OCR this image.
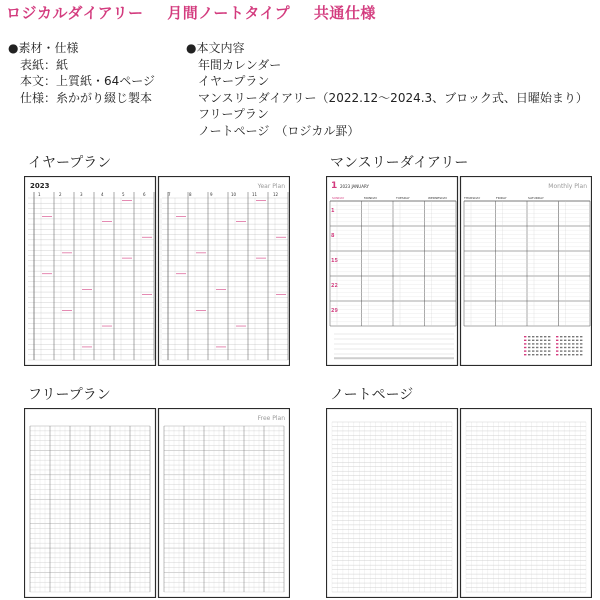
ロジカルダイアリー 月間ノートタイプ 共通仕様
●素材・仕様
表紙：紙
本文：上質紙・64ページ
仕様：糸かがり綴じ製本
●本文内容
年間カレンダー
イヤープラン
マンスリーダイアリー（2022.12～2024.3、ブロック式、日曜始まり）
フリープラン
ノートページ　（ロジカル罫）
イヤープラン	マンスリーダイアリー
フリープラン	ノートページ
2023	Year Plan
1	2	3	4	5	6	7	8	9	10	11	12
1 2023 JANUARY	Monthly Plan
SUNDAY	MONDAY	TUESDAY	WEDNESDAY	THURSDAY	FRIDAY	SATURDAY
1
8
15
22
29
Free Plan
